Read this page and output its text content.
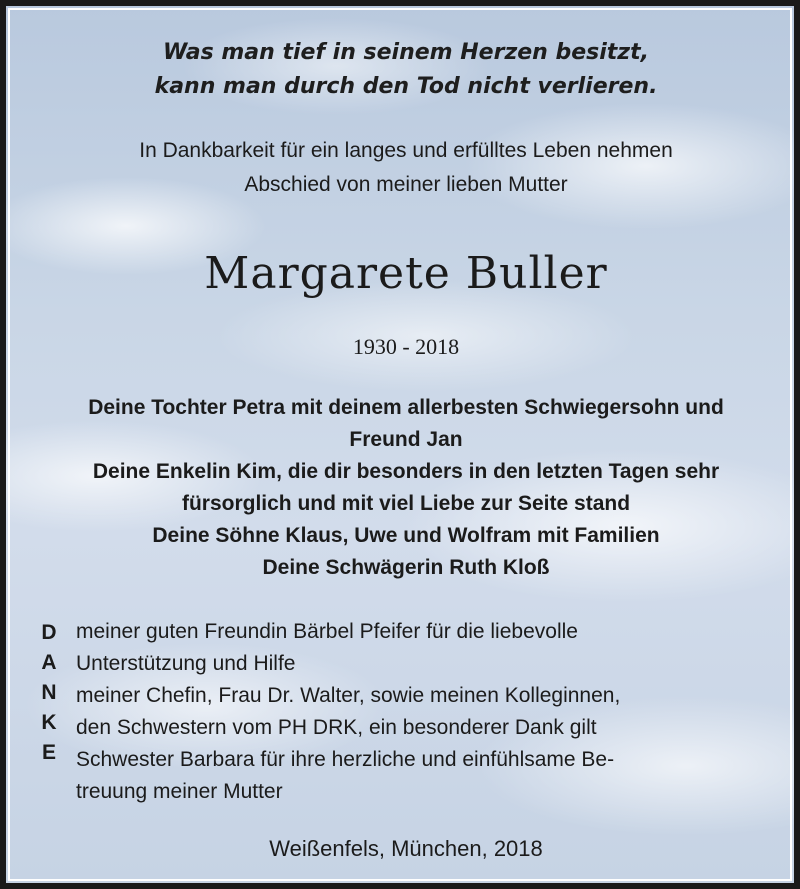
Was man tief in seinem Herzen besitzt,
kann man durch den Tod nicht verlieren.

In Dankbarkeit für ein langes und erfülltes Leben nehmen
Abschied von meiner lieben Mutter

Margarete Buller

1930 - 2018

Deine Tochter Petra mit deinem allerbesten Schwiegersohn und
Freund Jan
Deine Enkelin Kim, die dir besonders in den letzten Tagen sehr
fürsorglich und mit viel Liebe zur Seite stand
Deine Söhne Klaus, Uwe und Wolfram mit Familien
Deine Schwägerin Ruth Kloß
D
A
N
K
E
meiner guten Freundin Bärbel Pfeifer für die liebevolle
Unterstützung und Hilfe
meiner Chefin, Frau Dr. Walter, sowie meinen Kolleginnen,
den Schwestern vom PH DRK, ein besonderer Dank gilt
Schwester Barbara für ihre herzliche und einfühlsame Be-
treuung meiner Mutter

Weißenfels, München, 2018
